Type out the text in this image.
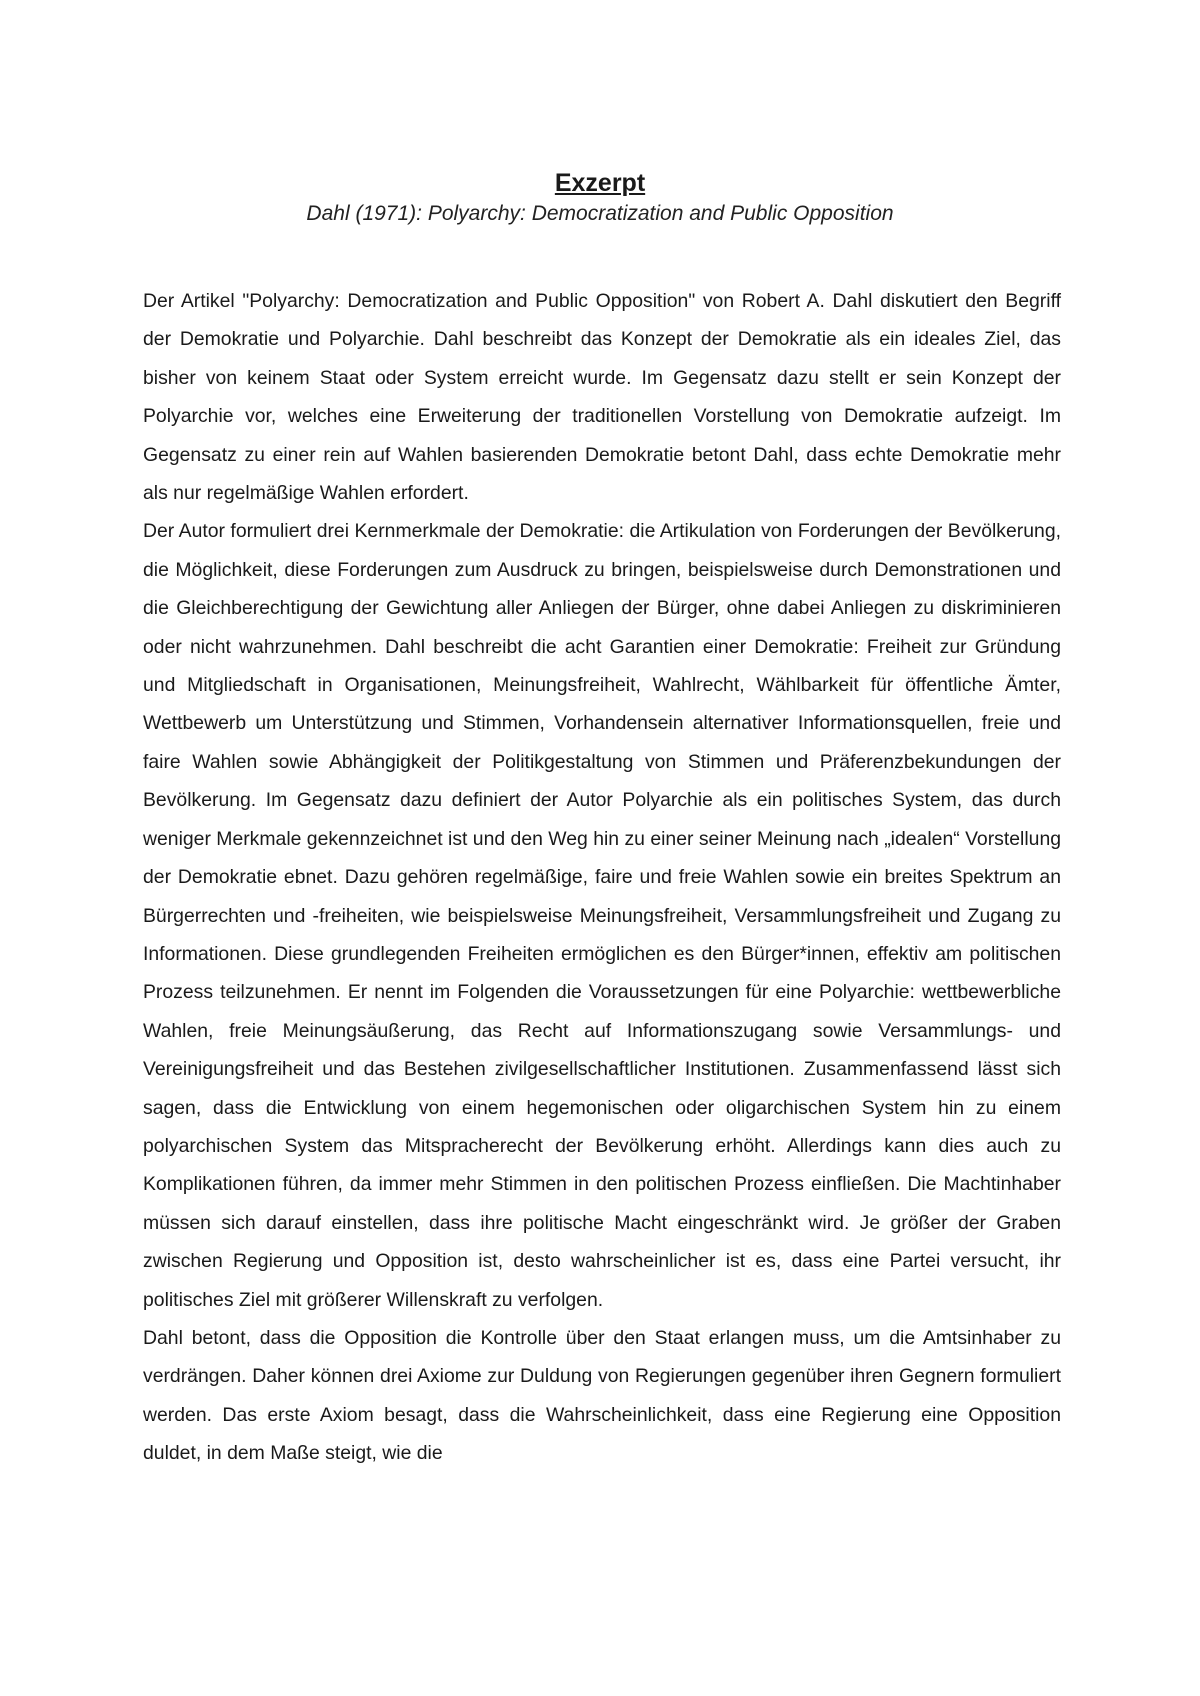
Exzerpt

Dahl (1971): Polyarchy: Democratization and Public Opposition

Der Artikel "Polyarchy: Democratization and Public Opposition" von Robert A. Dahl diskutiert den Begriff der Demokratie und Polyarchie. Dahl beschreibt das Konzept der Demokratie als ein ideales Ziel, das bisher von keinem Staat oder System erreicht wurde. Im Gegensatz dazu stellt er sein Konzept der Polyarchie vor, welches eine Erweiterung der traditionellen Vorstellung von Demokratie aufzeigt. Im Gegensatz zu einer rein auf Wahlen basierenden Demokratie betont Dahl, dass echte Demokratie mehr als nur regelmäßige Wahlen erfordert.

Der Autor formuliert drei Kernmerkmale der Demokratie: die Artikulation von Forderungen der Bevölkerung, die Möglichkeit, diese Forderungen zum Ausdruck zu bringen, beispielsweise durch Demonstrationen und die Gleichberechtigung der Gewichtung aller Anliegen der Bürger, ohne dabei Anliegen zu diskriminieren oder nicht wahrzunehmen. Dahl beschreibt die acht Garantien einer Demokratie: Freiheit zur Gründung und Mitgliedschaft in Organisationen, Meinungsfreiheit, Wahlrecht, Wählbarkeit für öffentliche Ämter, Wettbewerb um Unterstützung und Stimmen, Vorhandensein alternativer Informationsquellen, freie und faire Wahlen sowie Abhängigkeit der Politikgestaltung von Stimmen und Präferenzbekundungen der Bevölkerung. Im Gegensatz dazu definiert der Autor Polyarchie als ein politisches System, das durch weniger Merkmale gekennzeichnet ist und den Weg hin zu einer seiner Meinung nach „idealen“ Vorstellung der Demokratie ebnet. Dazu gehören regelmäßige, faire und freie Wahlen sowie ein breites Spektrum an Bürgerrechten und -freiheiten, wie beispielsweise Meinungsfreiheit, Versammlungsfreiheit und Zugang zu Informationen. Diese grundlegenden Freiheiten ermöglichen es den Bürger*innen, effektiv am politischen Prozess teilzunehmen. Er nennt im Folgenden die Voraussetzungen für eine Polyarchie: wettbewerbliche Wahlen, freie Meinungsäußerung, das Recht auf Informationszugang sowie Versammlungs- und Vereinigungsfreiheit und das Bestehen zivilgesellschaftlicher Institutionen. Zusammenfassend lässt sich sagen, dass die Entwicklung von einem hegemonischen oder oligarchischen System hin zu einem polyarchischen System das Mitspracherecht der Bevölkerung erhöht. Allerdings kann dies auch zu Komplikationen führen, da immer mehr Stimmen in den politischen Prozess einfließen. Die Machtinhaber müssen sich darauf einstellen, dass ihre politische Macht eingeschränkt wird. Je größer der Graben zwischen Regierung und Opposition ist, desto wahrscheinlicher ist es, dass eine Partei versucht, ihr politisches Ziel mit größerer Willenskraft zu verfolgen.

Dahl betont, dass die Opposition die Kontrolle über den Staat erlangen muss, um die Amtsinhaber zu verdrängen. Daher können drei Axiome zur Duldung von Regierungen gegenüber ihren Gegnern formuliert werden. Das erste Axiom besagt, dass die Wahrscheinlichkeit, dass eine Regierung eine Opposition duldet, in dem Maße steigt, wie die
